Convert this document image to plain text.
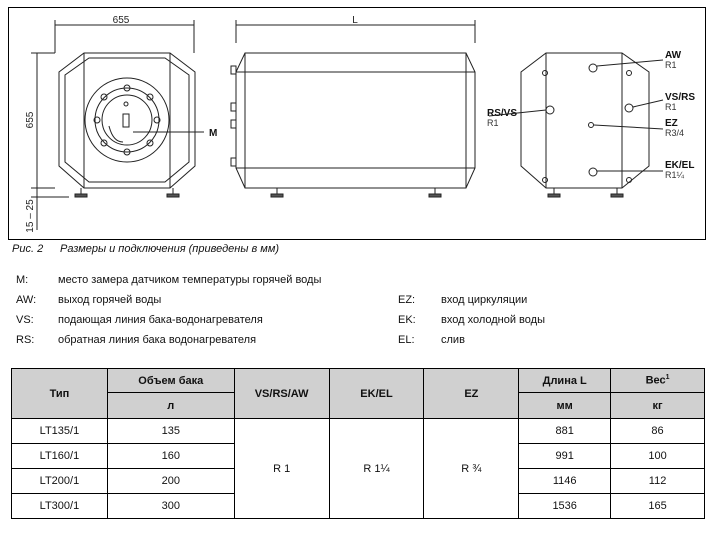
655
655
15 – 25
M
L
AW
R1
VS/RS
R1
EZ
R3/4
EK/EL
R1¼
RS/VS
R1
Рис. 2 Размеры и подключения (приведены в мм)
M:	место замера датчиком температуры горячей воды
AW: выход горячей воды
VS: подающая линия бака-водонагревателя
RS: обратная линия бака водонагревателя
EZ: вход циркуляции
EK: вход холодной воды
EL: слив
Тип	Объем бака	VS/RS/AW	EK/EL	EZ	Длина L	Вес$^1$
	л				мм	кг
LT135/1	135	R 1	R 1¼	R ¾	881	86
LT160/1	160				991	100
LT200/1	200				1146	112
LT300/1	300				1536	165
